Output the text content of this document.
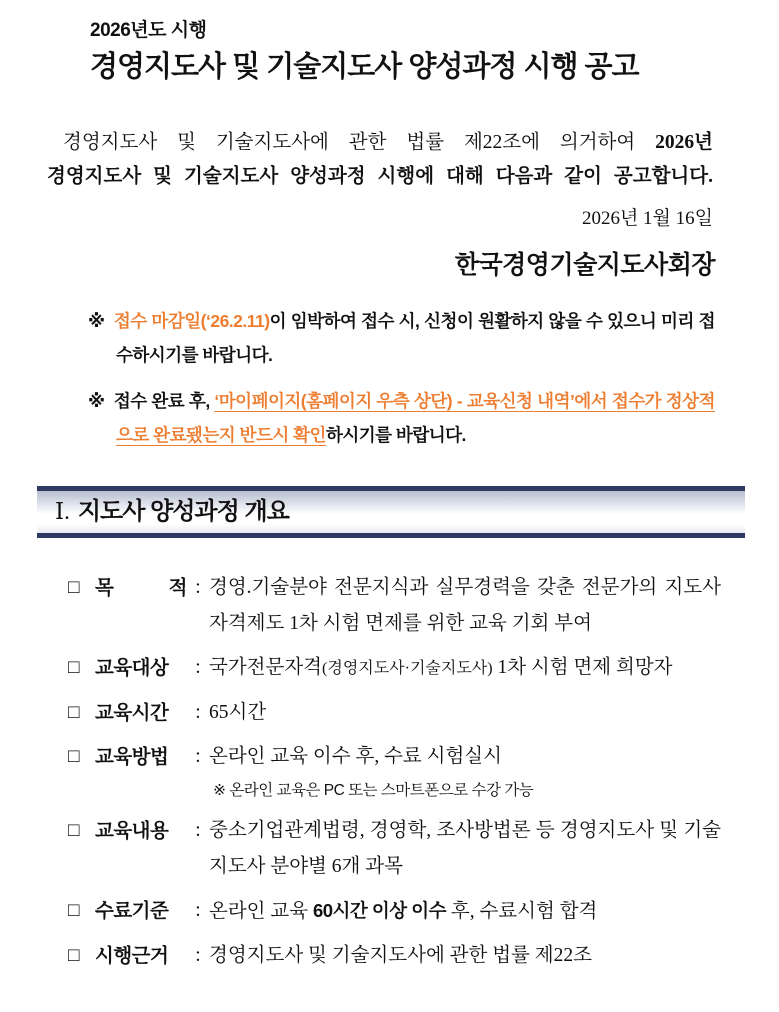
2026년도 시행
경영지도사 및 기술지도사 양성과정 시행 공고
경영지도사 및 기술지도사에 관한 법률 제22조에 의거하여 2026년
경영지도사 및 기술지도사 양성과정 시행에 대해 다음과 같이 공고합니다.
2026년 1월 16일
한국경영기술지도사회장
※ 접수 마감일(‘26.2.11)이 임박하여 접수 시, 신청이 원활하지 않을 수 있으니 미리 접수하시기를 바랍니다.
※ 접수 완료 후, ‘마이페이지(홈페이지 우측 상단) - 교육신청 내역’에서 접수가 정상적으로 완료됐는지 반드시 확인하시기를 바랍니다.
Ⅰ. 지도사 양성과정 개요
□ 목 적 : 경영.기술분야 전문지식과 실무경력을 갖춘 전문가의 지도사 자격제도 1차 시험 면제를 위한 교육 기회 부여
□ 교육대상	: 국가전문자격(경영지도사·기술지도사) 1차 시험 면제 희망자
□ 교육시간	: 65시간
□ 교육방법	: 온라인 교육 이수 후, 수료 시험실시
※ 온라인 교육은 PC 또는 스마트폰으로 수강 가능
□ 교육내용	: 중소기업관계법령, 경영학, 조사방법론 등 경영지도사 및 기술지도사 분야별 6개 과목
□ 수료기준	: 온라인 교육 60시간 이상 이수 후, 수료시험 합격
□ 시행근거	: 경영지도사 및 기술지도사에 관한 법률 제22조
